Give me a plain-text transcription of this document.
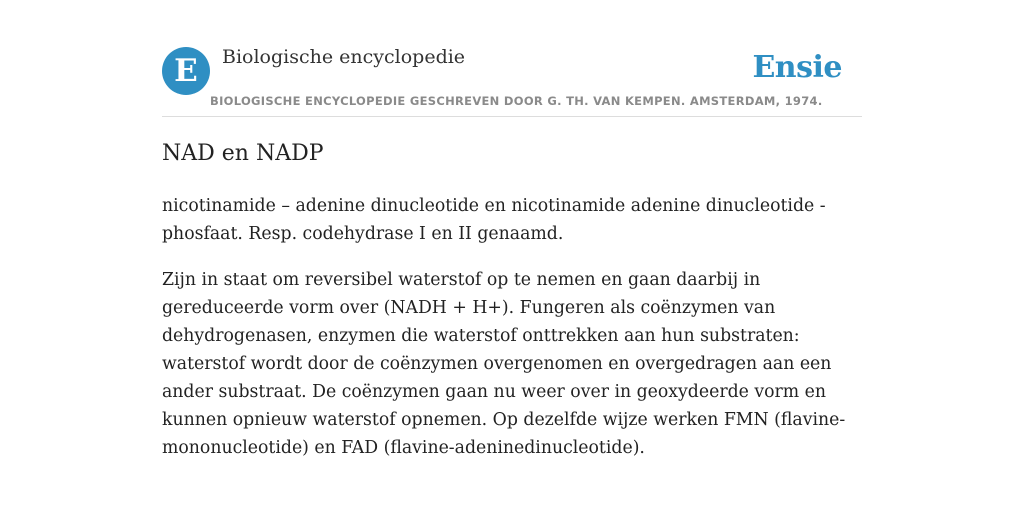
E	Biologische encyclopedie	Ensie
BIOLOGISCHE ENCYCLOPEDIE GESCHREVEN DOOR G. TH. VAN KEMPEN. AMSTERDAM, 1974.
NAD en NADP

nicotinamide – adenine dinucleotide en nicotinamide adenine dinucleotide - phosfaat. Resp. codehydrase I en II genaamd.

Zijn in staat om reversibel waterstof op te nemen en gaan daarbij in gereduceerde vorm over (NADH + H+). Fungeren als coënzymen van dehydrogenasen, enzymen die waterstof onttrekken aan hun substraten: waterstof wordt door de coënzymen overgenomen en overgedragen aan een ander substraat. De coënzymen gaan nu weer over in geoxydeerde vorm en kunnen opnieuw waterstof opnemen. Op dezelfde wijze werken FMN (flavine-mononucleotide) en FAD (flavine-adeninedinucleotide).
